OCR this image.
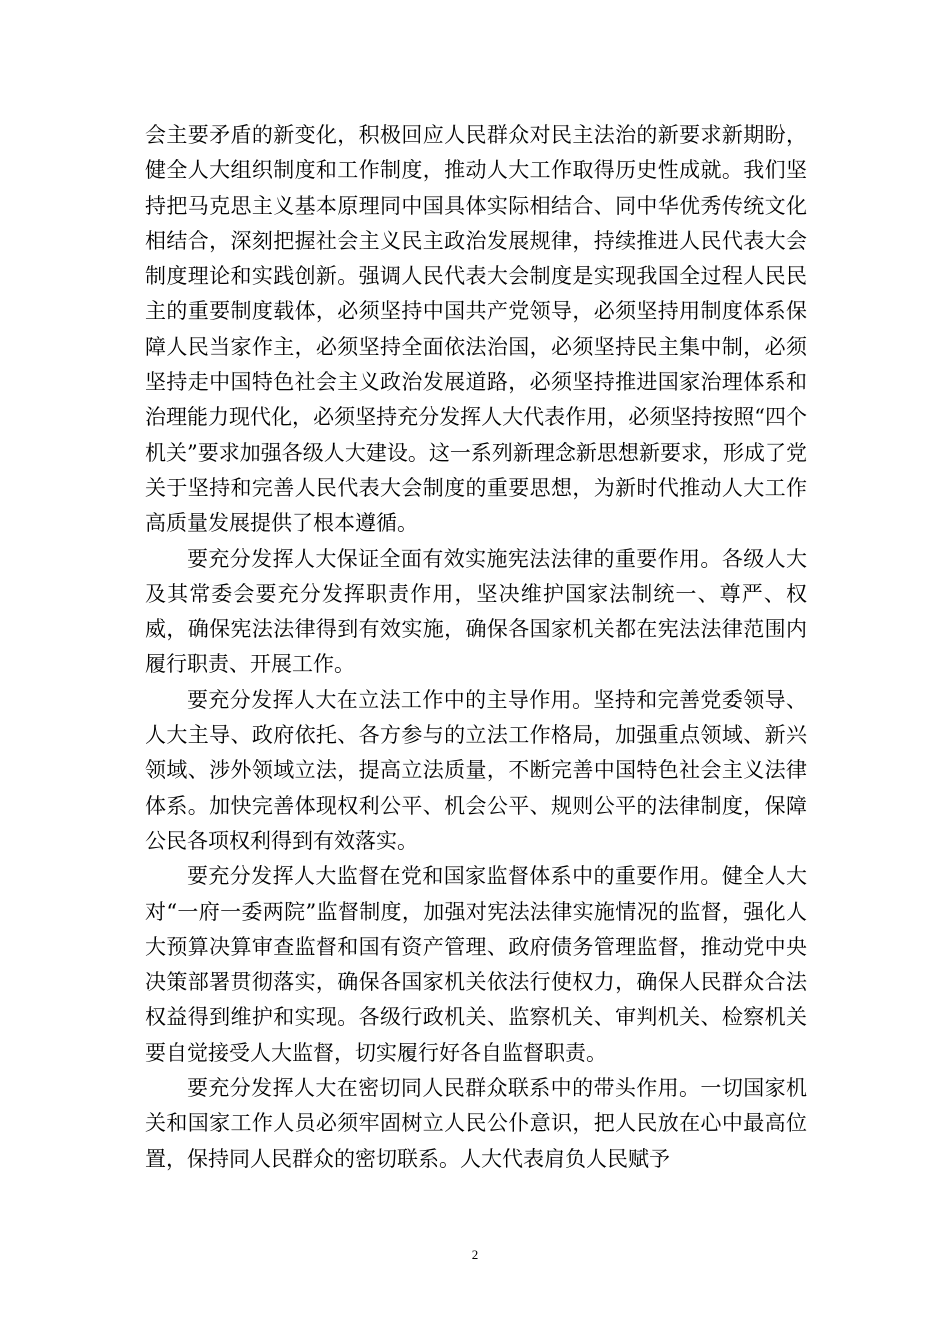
会主要矛盾的新变化，积极回应人民群众对民主法治的新要求新期盼，健全人大组织制度和工作制度，推动人大工作取得历史性成就。我们坚持把马克思主义基本原理同中国具体实际相结合、同中华优秀传统文化相结合，深刻把握社会主义民主政治发展规律，持续推进人民代表大会制度理论和实践创新。强调人民代表大会制度是实现我国全过程人民民主的重要制度载体，必须坚持中国共产党领导，必须坚持用制度体系保障人民当家作主，必须坚持全面依法治国，必须坚持民主集中制，必须坚持走中国特色社会主义政治发展道路，必须坚持推进国家治理体系和治理能力现代化，必须坚持充分发挥人大代表作用，必须坚持按照“四个机关”要求加强各级人大建设。这一系列新理念新思想新要求，形成了党关于坚持和完善人民代表大会制度的重要思想，为新时代推动人大工作高质量发展提供了根本遵循。

要充分发挥人大保证全面有效实施宪法法律的重要作用。各级人大及其常委会要充分发挥职责作用，坚决维护国家法制统一、尊严、权威，确保宪法法律得到有效实施，确保各国家机关都在宪法法律范围内履行职责、开展工作。

要充分发挥人大在立法工作中的主导作用。坚持和完善党委领导、人大主导、政府依托、各方参与的立法工作格局，加强重点领域、新兴领域、涉外领域立法，提高立法质量，不断完善中国特色社会主义法律体系。加快完善体现权利公平、机会公平、规则公平的法律制度，保障公民各项权利得到有效落实。

要充分发挥人大监督在党和国家监督体系中的重要作用。健全人大对“一府一委两院”监督制度，加强对宪法法律实施情况的监督，强化人大预算决算审查监督和国有资产管理、政府债务管理监督，推动党中央决策部署贯彻落实，确保各国家机关依法行使权力，确保人民群众合法权益得到维护和实现。各级行政机关、监察机关、审判机关、检察机关要自觉接受人大监督，切实履行好各自监督职责。

要充分发挥人大在密切同人民群众联系中的带头作用。一切国家机关和国家工作人员必须牢固树立人民公仆意识，把人民放在心中最高位置，保持同人民群众的密切联系。人大代表肩负人民赋予

2
